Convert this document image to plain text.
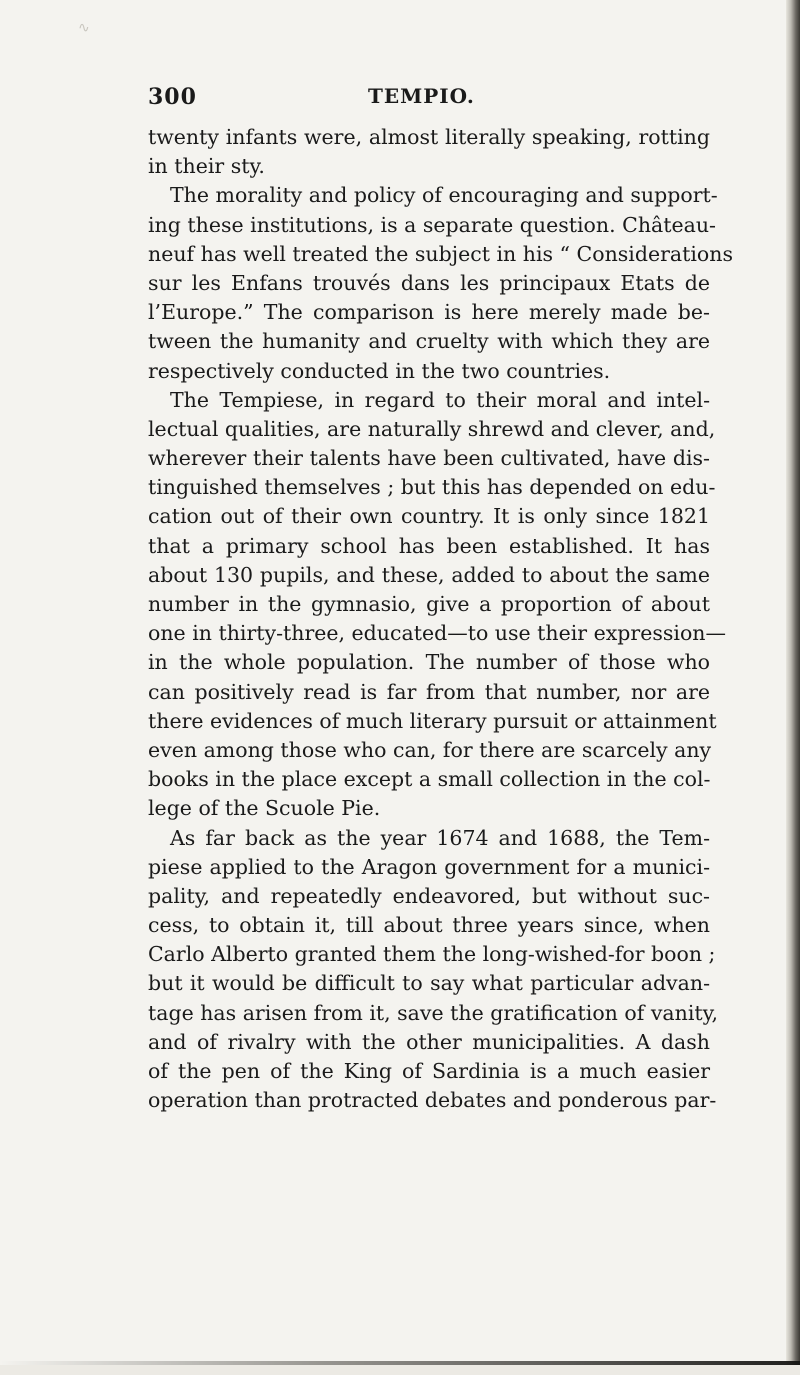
∿
300	TEMPIO.
twenty infants were, almost literally speaking, rotting
in their sty.
The morality and policy of encouraging and support-
ing these institutions, is a separate question. Château-
neuf has well treated the subject in his “ Considerations
sur les Enfans trouvés dans les principaux Etats de
l’Europe.” The comparison is here merely made be-
tween the humanity and cruelty with which they are
respectively conducted in the two countries.
The Tempiese, in regard to their moral and intel-
lectual qualities, are naturally shrewd and clever, and,
wherever their talents have been cultivated, have dis-
tinguished themselves ; but this has depended on edu-
cation out of their own country. It is only since 1821
that a primary school has been established. It has
about 130 pupils, and these, added to about the same
number in the gymnasio, give a proportion of about
one in thirty-three, educated—to use their expression—
in the whole population. The number of those who
can positively read is far from that number, nor are
there evidences of much literary pursuit or attainment
even among those who can, for there are scarcely any
books in the place except a small collection in the col-
lege of the Scuole Pie.
As far back as the year 1674 and 1688, the Tem-
piese applied to the Aragon government for a munici-
pality, and repeatedly endeavored, but without suc-
cess, to obtain it, till about three years since, when
Carlo Alberto granted them the long-wished-for boon ;
but it would be difficult to say what particular advan-
tage has arisen from it, save the gratification of vanity,
and of rivalry with the other municipalities. A dash
of the pen of the King of Sardinia is a much easier
operation than protracted debates and ponderous par-
